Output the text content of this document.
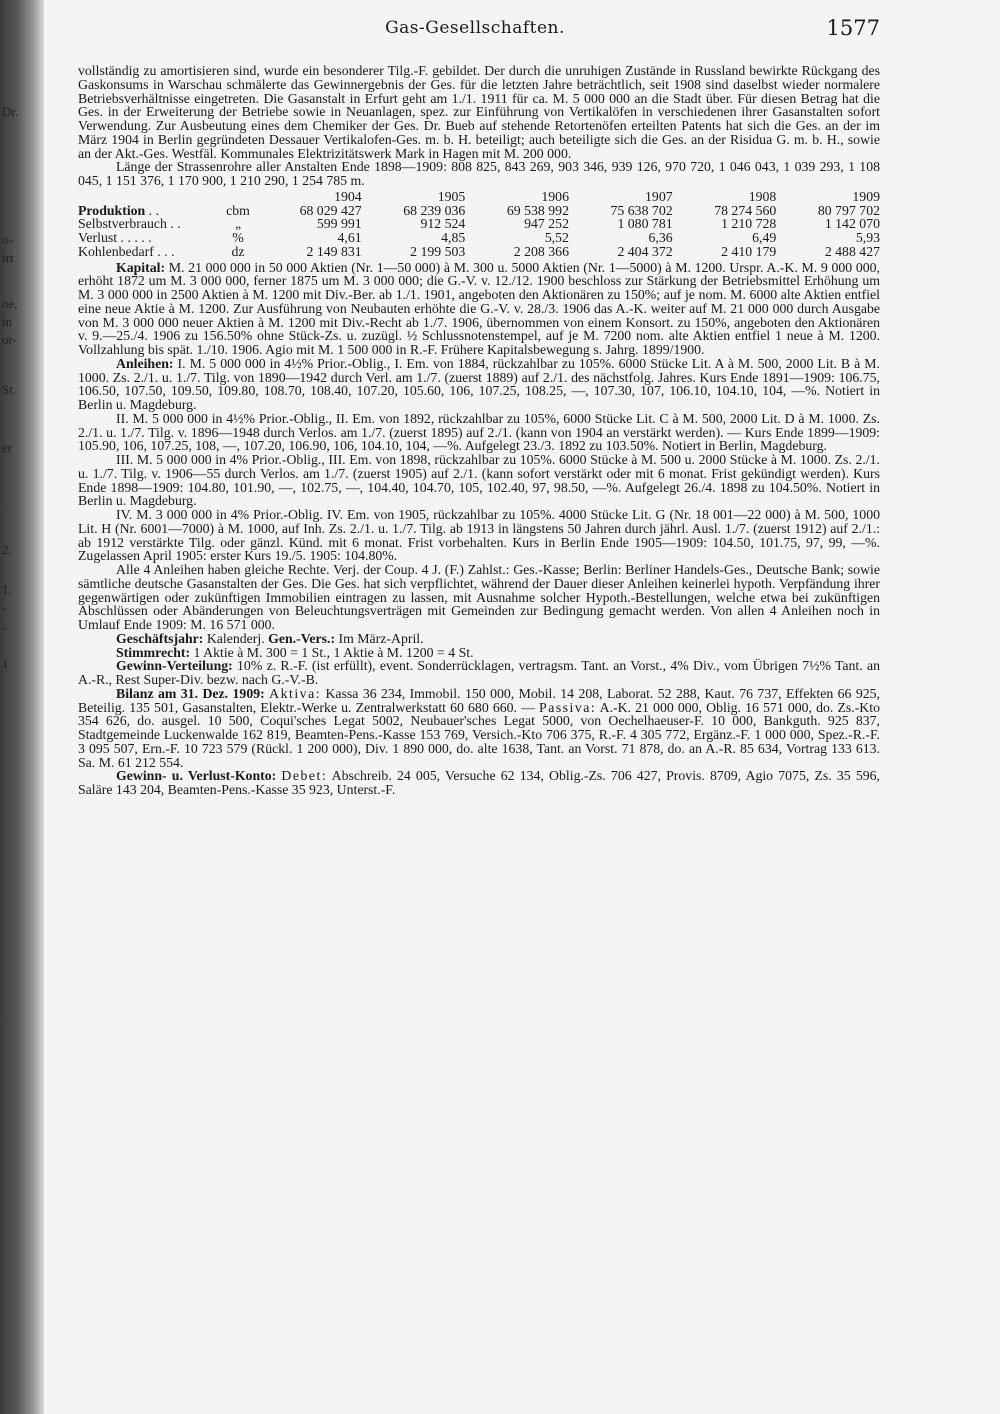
Dr.
u-
irt
ne,
in
or-
St.
er
2.
1.
-
-
1
Gas-Gesellschaften.	1577

vollständig zu amortisieren sind, wurde ein besonderer Tilg.-F. gebildet. Der durch die unruhigen Zustände in Russland bewirkte Rückgang des Gaskonsums in Warschau schmälerte das Gewinnergebnis der Ges. für die letzten Jahre beträchtlich, seit 1908 sind daselbst wieder normalere Betriebsverhältnisse eingetreten. Die Gasanstalt in Erfurt geht am 1./1. 1911 für ca. M. 5 000 000 an die Stadt über. Für diesen Betrag hat die Ges. in der Erweiterung der Betriebe sowie in Neuanlagen, spez. zur Einführung von Vertikalöfen in verschiedenen ihrer Gasanstalten sofort Verwendung. Zur Ausbeutung eines dem Chemiker der Ges. Dr. Bueb auf stehende Retortenöfen erteilten Patents hat sich die Ges. an der im März 1904 in Berlin gegründeten Dessauer Vertikalofen-Ges. m. b. H. beteiligt; auch beteiligte sich die Ges. an der Risidua G. m. b. H., sowie an der Akt.-Ges. Westfäl. Kommunales Elektrizitätswerk Mark in Hagen mit M. 200 000.

Länge der Strassenrohre aller Anstalten Ende 1898—1909: 808 825, 843 269, 903 346, 939 126, 970 720, 1 046 043, 1 039 293, 1 108 045, 1 151 376, 1 170 900, 1 210 290, 1 254 785 m.

		1904	1905	1906	1907	1908	1909
Produktion . .	cbm	68 029 427	68 239 036	69 538 992	75 638 702	78 274 560	80 797 702
Selbstverbrauch . .	„	599 991	912 524	947 252	1 080 781	1 210 728	1 142 070
Verlust . . . . .	%	4,61	4,85	5,52	6,36	6,49	5,93
Kohlenbedarf . . .	dz	2 149 831	2 199 503	2 208 366	2 404 372	2 410 179	2 488 427

Kapital: M. 21 000 000 in 50 000 Aktien (Nr. 1—50 000) à M. 300 u. 5000 Aktien (Nr. 1—5000) à M. 1200. Urspr. A.-K. M. 9 000 000, erhöht 1872 um M. 3 000 000, ferner 1875 um M. 3 000 000; die G.-V. v. 12./12. 1900 beschloss zur Stärkung der Betriebsmittel Erhöhung um M. 3 000 000 in 2500 Aktien à M. 1200 mit Div.-Ber. ab 1./1. 1901, angeboten den Aktionären zu 150%; auf je nom. M. 6000 alte Aktien entfiel eine neue Aktie à M. 1200. Zur Ausführung von Neubauten erhöhte die G.-V. v. 28./3. 1906 das A.-K. weiter auf M. 21 000 000 durch Ausgabe von M. 3 000 000 neuer Aktien à M. 1200 mit Div.-Recht ab 1./7. 1906, übernommen von einem Konsort. zu 150%, angeboten den Aktionären v. 9.—25./4. 1906 zu 156.50% ohne Stück-Zs. u. zuzügl. ½ Schlussnotenstempel, auf je M. 7200 nom. alte Aktien entfiel 1 neue à M. 1200. Vollzahlung bis spät. 1./10. 1906. Agio mit M. 1 500 000 in R.-F. Frühere Kapitalsbewegung s. Jahrg. 1899/1900.

Anleihen: I. M. 5 000 000 in 4½% Prior.-Oblig., I. Em. von 1884, rückzahlbar zu 105%. 6000 Stücke Lit. A à M. 500, 2000 Lit. B à M. 1000. Zs. 2./1. u. 1./7. Tilg. von 1890—1942 durch Verl. am 1./7. (zuerst 1889) auf 2./1. des nächstfolg. Jahres. Kurs Ende 1891—1909: 106.75, 106.50, 107.50, 109.50, 109.80, 108.70, 108.40, 107.20, 105.60, 106, 107.25, 108.25, —, 107.30, 107, 106.10, 104.10, 104, —%. Notiert in Berlin u. Magdeburg.

II. M. 5 000 000 in 4½% Prior.-Oblig., II. Em. von 1892, rückzahlbar zu 105%, 6000 Stücke Lit. C à M. 500, 2000 Lit. D à M. 1000. Zs. 2./1. u. 1./7. Tilg. v. 1896—1948 durch Verlos. am 1./7. (zuerst 1895) auf 2./1. (kann von 1904 an verstärkt werden). — Kurs Ende 1899—1909: 105.90, 106, 107.25, 108, —, 107.20, 106.90, 106, 104.10, 104, —%. Aufgelegt 23./3. 1892 zu 103.50%. Notiert in Berlin, Magdeburg.

III. M. 5 000 000 in 4% Prior.-Oblig., III. Em. von 1898, rückzahlbar zu 105%. 6000 Stücke à M. 500 u. 2000 Stücke à M. 1000. Zs. 2./1. u. 1./7. Tilg. v. 1906—55 durch Verlos. am 1./7. (zuerst 1905) auf 2./1. (kann sofort verstärkt oder mit 6 monat. Frist gekündigt werden). Kurs Ende 1898—1909: 104.80, 101.90, —, 102.75, —, 104.40, 104.70, 105, 102.40, 97, 98.50, —%. Aufgelegt 26./4. 1898 zu 104.50%. Notiert in Berlin u. Magdeburg.

IV. M. 3 000 000 in 4% Prior.-Oblig. IV. Em. von 1905, rückzahlbar zu 105%. 4000 Stücke Lit. G (Nr. 18 001—22 000) à M. 500, 1000 Lit. H (Nr. 6001—7000) à M. 1000, auf Inh. Zs. 2./1. u. 1./7. Tilg. ab 1913 in längstens 50 Jahren durch jährl. Ausl. 1./7. (zuerst 1912) auf 2./1.: ab 1912 verstärkte Tilg. oder gänzl. Künd. mit 6 monat. Frist vorbehalten. Kurs in Berlin Ende 1905—1909: 104.50, 101.75, 97, 99, —%. Zugelassen April 1905: erster Kurs 19./5. 1905: 104.80%.

Alle 4 Anleihen haben gleiche Rechte. Verj. der Coup. 4 J. (F.) Zahlst.: Ges.-Kasse; Berlin: Berliner Handels-Ges., Deutsche Bank; sowie sämtliche deutsche Gasanstalten der Ges. Die Ges. hat sich verpflichtet, während der Dauer dieser Anleihen keinerlei hypoth. Verpfändung ihrer gegenwärtigen oder zukünftigen Immobilien eintragen zu lassen, mit Ausnahme solcher Hypoth.-Bestellungen, welche etwa bei zukünftigen Abschlüssen oder Abänderungen von Beleuchtungsverträgen mit Gemeinden zur Bedingung gemacht werden. Von allen 4 Anleihen noch in Umlauf Ende 1909: M. 16 571 000.

Geschäftsjahr: Kalenderj. Gen.-Vers.: Im März-April.

Stimmrecht: 1 Aktie à M. 300 = 1 St., 1 Aktie à M. 1200 = 4 St.

Gewinn-Verteilung: 10% z. R.-F. (ist erfüllt), event. Sonderrücklagen, vertragsm. Tant. an Vorst., 4% Div., vom Übrigen 7½% Tant. an A.-R., Rest Super-Div. bezw. nach G.-V.-B.

Bilanz am 31. Dez. 1909: Aktiva: Kassa 36 234, Immobil. 150 000, Mobil. 14 208, Laborat. 52 288, Kaut. 76 737, Effekten 66 925, Beteilig. 135 501, Gasanstalten, Elektr.-Werke u. Zentralwerkstatt 60 680 660. — Passiva: A.-K. 21 000 000, Oblig. 16 571 000, do. Zs.-Kto 354 626, do. ausgel. 10 500, Coqui'sches Legat 5002, Neubauer'sches Legat 5000, von Oechelhaeuser-F. 10 000, Bankguth. 925 837, Stadtgemeinde Luckenwalde 162 819, Beamten-Pens.-Kasse 153 769, Versich.-Kto 706 375, R.-F. 4 305 772, Ergänz.-F. 1 000 000, Spez.-R.-F. 3 095 507, Ern.-F. 10 723 579 (Rückl. 1 200 000), Div. 1 890 000, do. alte 1638, Tant. an Vorst. 71 878, do. an A.-R. 85 634, Vortrag 133 613. Sa. M. 61 212 554.

Gewinn- u. Verlust-Konto: Debet: Abschreib. 24 005, Versuche 62 134, Oblig.-Zs. 706 427, Provis. 8709, Agio 7075, Zs. 35 596, Saläre 143 204, Beamten-Pens.-Kasse 35 923, Unterst.-F.
